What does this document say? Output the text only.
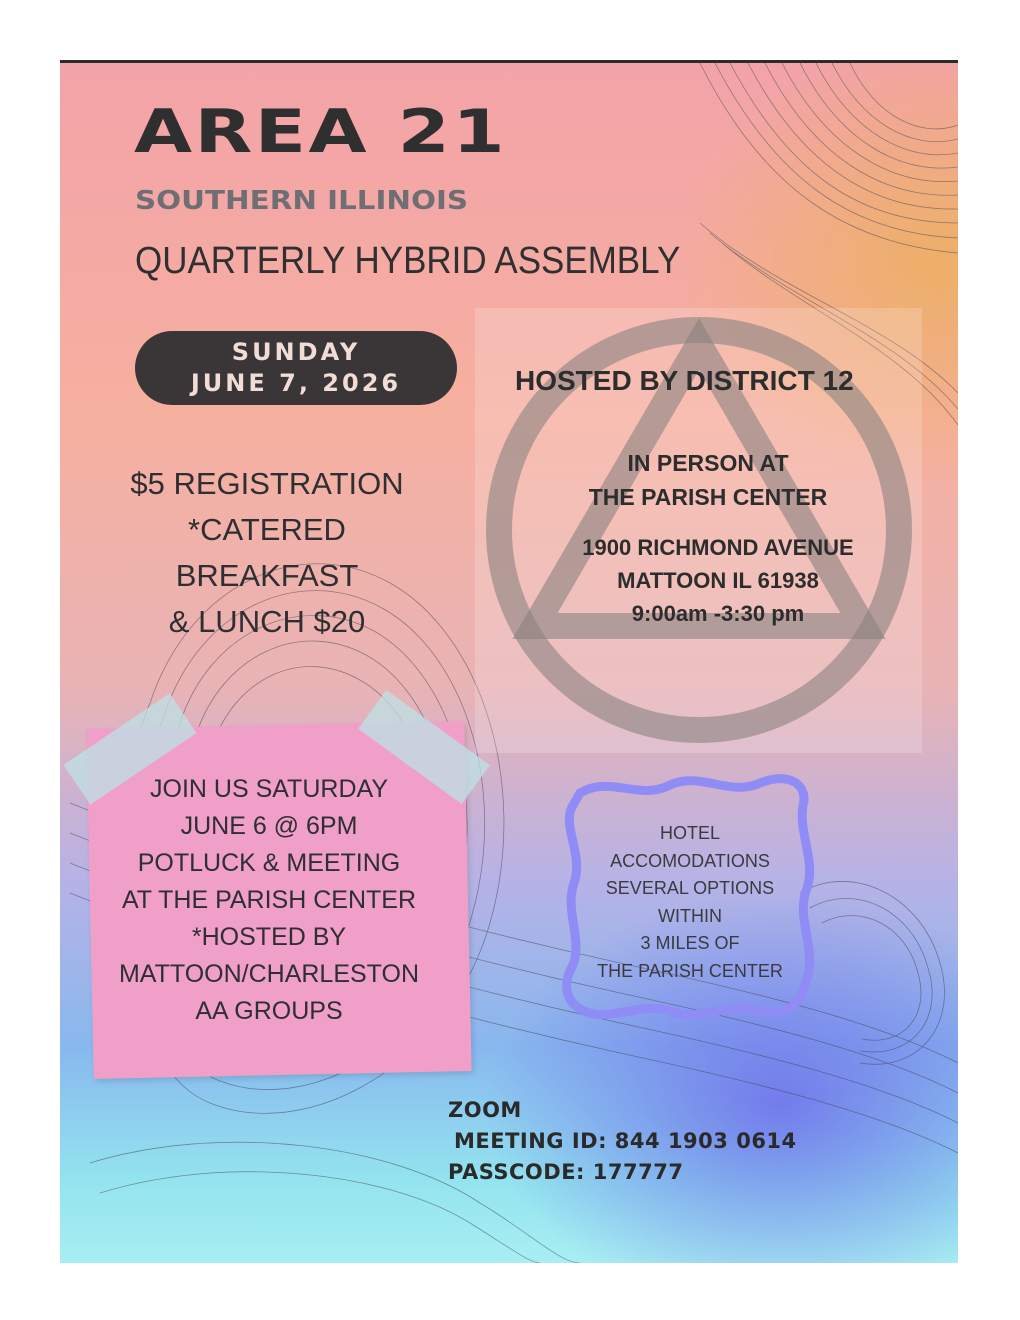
AREA 21
SOUTHERN ILLINOIS
QUARTERLY HYBRID ASSEMBLY
SUNDAY
JUNE 7, 2026	HOSTED BY DISTRICT 12
IN PERSON AT
THE PARISH CENTER
1900 RICHMOND AVENUE
MATTOON IL 61938
9:00am -3:30 pm
$5 REGISTRATION
*CATERED
BREAKFAST
& LUNCH $20
JOIN US SATURDAY
JUNE 6 @ 6PM
POTLUCK & MEETING
AT THE PARISH CENTER
*HOSTED BY
MATTOON/CHARLESTON
AA GROUPS
HOTEL
ACCOMODATIONS
SEVERAL OPTIONS
WITHIN
3 MILES OF
THE PARISH CENTER
ZOOM
MEETING ID: 844 1903 0614
PASSCODE: 177777
